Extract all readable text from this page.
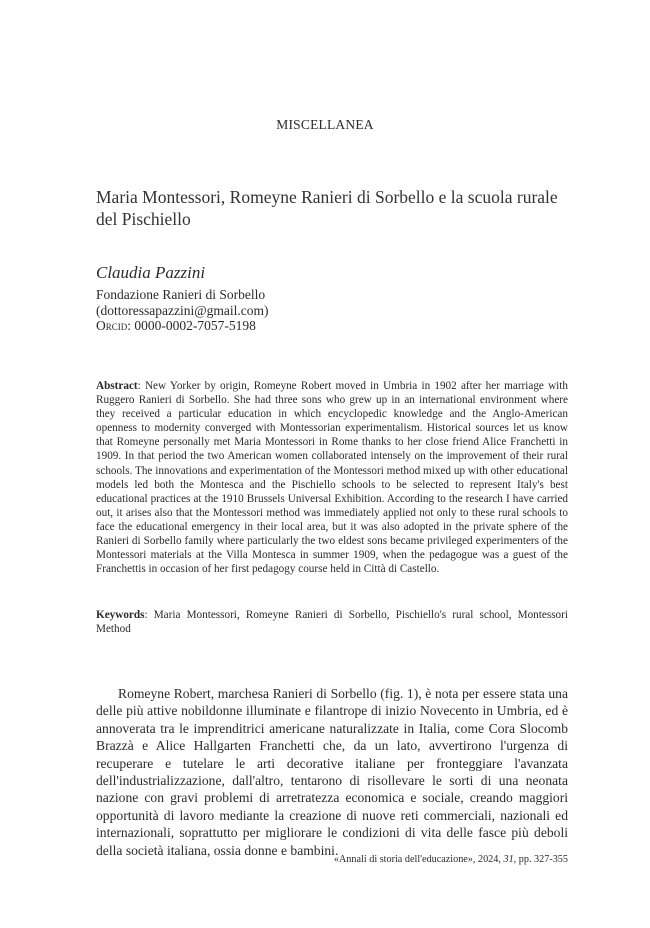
MISCELLANEA
Maria Montessori, Romeyne Ranieri di Sorbello e la scuola rurale del Pischiello
Claudia Pazzini
Fondazione Ranieri di Sorbello
(dottoressapazzini@gmail.com)
Orcid: 0000-0002-7057-5198
Abstract: New Yorker by origin, Romeyne Robert moved in Umbria in 1902 after her marriage with Ruggero Ranieri di Sorbello. She had three sons who grew up in an international environment where they received a particular education in which encyclopedic knowledge and the Anglo-American openness to modernity converged with Montessorian experimentalism. Historical sources let us know that Romeyne personally met Maria Montessori in Rome thanks to her close friend Alice Franchetti in 1909. In that period the two American women collaborated intensely on the improvement of their rural schools. The innovations and experimentation of the Montessori method mixed up with other educational models led both the Montesca and the Pischiello schools to be selected to represent Italy's best educational practices at the 1910 Brussels Universal Exhibition. According to the research I have carried out, it arises also that the Montessori method was immediately applied not only to these rural schools to face the educational emergency in their local area, but it was also adopted in the private sphere of the Ranieri di Sorbello family where particularly the two eldest sons became privileged experimenters of the Montessori materials at the Villa Montesca in summer 1909, when the pedagogue was a guest of the Franchettis in occasion of her first pedagogy course held in Città di Castello.
Keywords: Maria Montessori, Romeyne Ranieri di Sorbello, Pischiello's rural school, Montessori Method
Romeyne Robert, marchesa Ranieri di Sorbello (fig. 1), è nota per essere stata una delle più attive nobildonne illuminate e filantrope di inizio Novecento in Umbria, ed è annoverata tra le imprenditrici americane naturalizzate in Italia, come Cora Slocomb Brazzà e Alice Hallgarten Franchetti che, da un lato, avvertirono l'urgenza di recuperare e tutelare le arti decorative italiane per fronteggiare l'avanzata dell'industrializzazione, dall'altro, tentarono di risollevare le sorti di una neonata nazione con gravi problemi di arretratezza economica e sociale, creando maggiori opportunità di lavoro mediante la creazione di nuove reti commerciali, nazionali ed internazionali, soprattutto per migliorare le condizioni di vita delle fasce più deboli della società italiana, ossia donne e bambini.
«Annali di storia dell'educazione», 2024, 31, pp. 327-355
